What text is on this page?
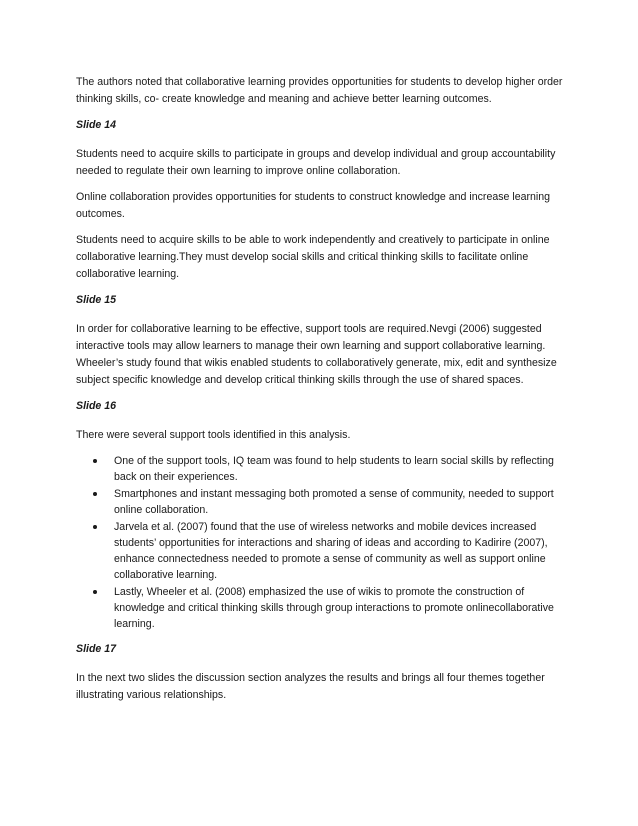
The authors noted that collaborative learning provides opportunities for students to develop higher order thinking skills, co- create knowledge and meaning and achieve better learning outcomes.

Slide 14

Students need to acquire skills to participate in groups and develop individual and group accountability needed to regulate their own learning to improve online collaboration.

Online collaboration provides opportunities for students to construct knowledge and increase learning outcomes.

Students need to acquire skills to be able to work independently and creatively to participate in online collaborative learning.They must develop social skills and critical thinking skills to facilitate online collaborative learning.

Slide 15

In order for collaborative learning to be effective, support tools are required.Nevgi (2006) suggested interactive tools may allow learners to manage their own learning and support collaborative learning. Wheeler’s study found that wikis enabled students to collaboratively generate, mix, edit and synthesize subject specific knowledge and develop critical thinking skills through the use of shared spaces.

Slide 16

There were several support tools identified in this analysis.

One of the support tools, IQ team was found to help students to learn social skills by reflecting back on their experiences.
Smartphones and instant messaging both promoted a sense of community, needed to support online collaboration.
Jarvela et al. (2007) found that the use of wireless networks and mobile devices increased students’ opportunities for interactions and sharing of ideas and according to Kadirire (2007), enhance connectedness needed to promote a sense of community as well as support online collaborative learning.
Lastly, Wheeler et al. (2008) emphasized the use of wikis to promote the construction of knowledge and critical thinking skills through group interactions to promote onlinecollaborative learning.

Slide 17

In the next two slides the discussion section analyzes the results and brings all four themes together illustrating various relationships.
